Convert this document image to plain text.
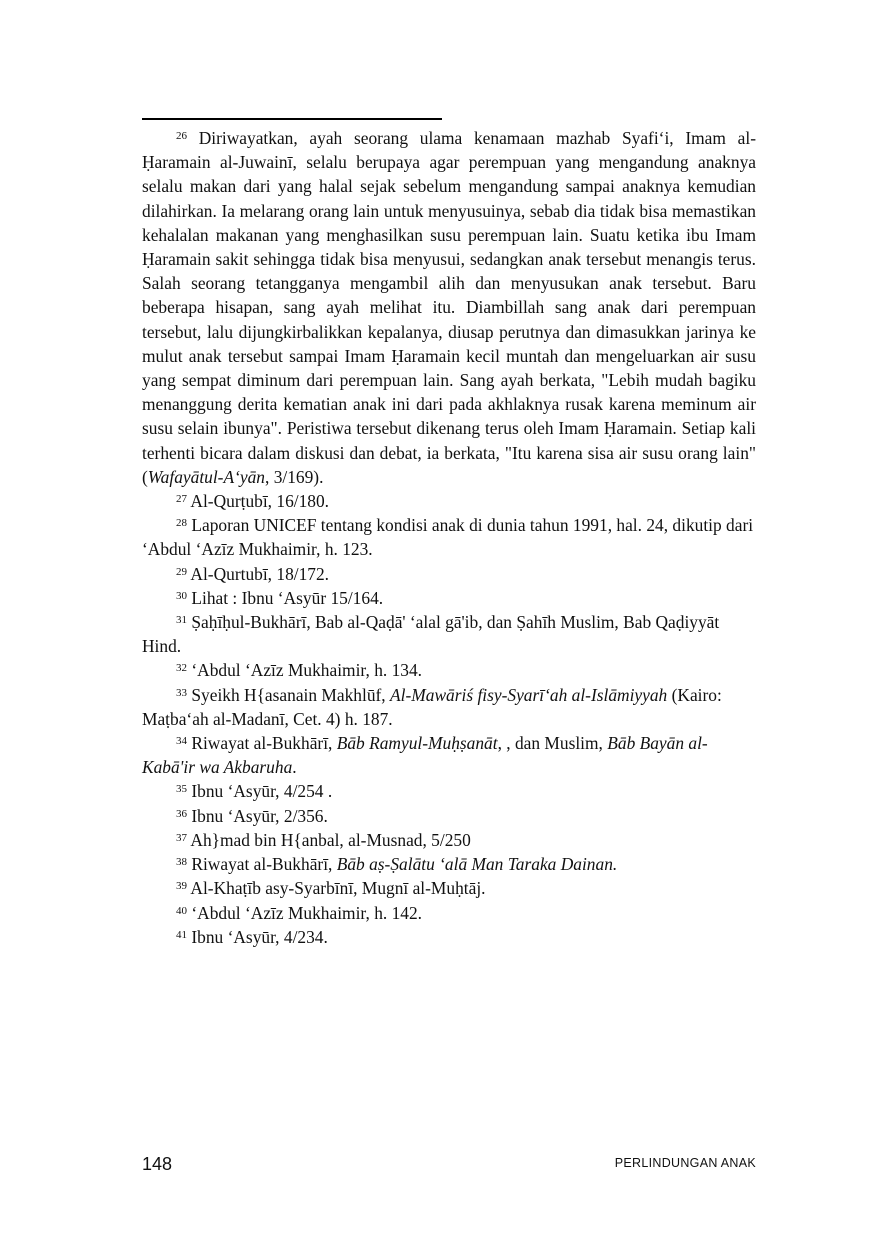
$^{26}$ Diriwayatkan, ayah seorang ulama kenamaan mazhab Syafi‘i, Imam al-Ḥaramain al-Juwainī, selalu berupaya agar perempuan yang mengandung anaknya selalu makan dari yang halal sejak sebelum mengandung sampai anaknya kemudian dilahirkan. Ia melarang orang lain untuk menyusuinya, sebab dia tidak bisa memastikan kehalalan makanan yang menghasilkan susu perempuan lain. Suatu ketika ibu Imam Ḥaramain sakit sehingga tidak bisa menyusui, sedangkan anak tersebut menangis terus. Salah seorang tetangganya mengambil alih dan menyusukan anak tersebut. Baru beberapa hisapan, sang ayah melihat itu. Diambillah sang anak dari perempuan tersebut, lalu dijungkirbalikkan kepalanya, diusap perutnya dan dimasukkan jarinya ke mulut anak tersebut sampai Imam Ḥaramain kecil muntah dan mengeluarkan air susu yang sempat diminum dari perempuan lain. Sang ayah berkata, "Lebih mudah bagiku menanggung derita kematian anak ini dari pada akhlaknya rusak karena meminum air susu selain ibunya". Peristiwa tersebut dikenang terus oleh Imam Ḥaramain. Setiap kali terhenti bicara dalam diskusi dan debat, ia berkata, "Itu karena sisa air susu orang lain" (Wafayātul-A‘yān, 3/169).

$^{27}$ Al-Qurṭubī, 16/180.

$^{28}$ Laporan UNICEF tentang kondisi anak di dunia tahun 1991, hal. 24, dikutip dari ‘Abdul ‘Azīz Mukhaimir, h. 123.

$^{29}$ Al-Qurtubī, 18/172.

$^{30}$ Lihat : Ibnu ‘Asyūr 15/164.

$^{31}$ Ṣaḥīḥul-Bukhārī, Bab al-Qaḍā' ‘alal gā'ib, dan Ṣahīh Muslim, Bab Qaḍiyyāt Hind.

$^{32}$ ‘Abdul ‘Azīz Mukhaimir, h. 134.

$^{33}$ Syeikh H{asanain Makhlūf, Al-Mawāriś fisy-Syarī‘ah al-Islāmiyyah (Kairo: Maṭba‘ah al-Madanī, Cet. 4) h. 187.

$^{34}$ Riwayat al-Bukhārī, Bāb Ramyul-Muḥṣanāt, , dan Muslim, Bāb Bayān al-Kabā'ir wa Akbaruha.

$^{35}$ Ibnu ‘Asyūr, 4/254 .

$^{36}$ Ibnu ‘Asyūr, 2/356.

$^{37}$ Ah}mad bin H{anbal, al-Musnad, 5/250

$^{38}$ Riwayat al-Bukhārī, Bāb aṣ-Ṣalātu ‘alā Man Taraka Dainan.

$^{39}$ Al-Khaṭīb asy-Syarbīnī, Mugnī al-Muḥtāj.

$^{40}$ ‘Abdul ‘Azīz Mukhaimir, h. 142.

$^{41}$ Ibnu ‘Asyūr, 4/234.

148	PERLINDUNGAN ANAK
